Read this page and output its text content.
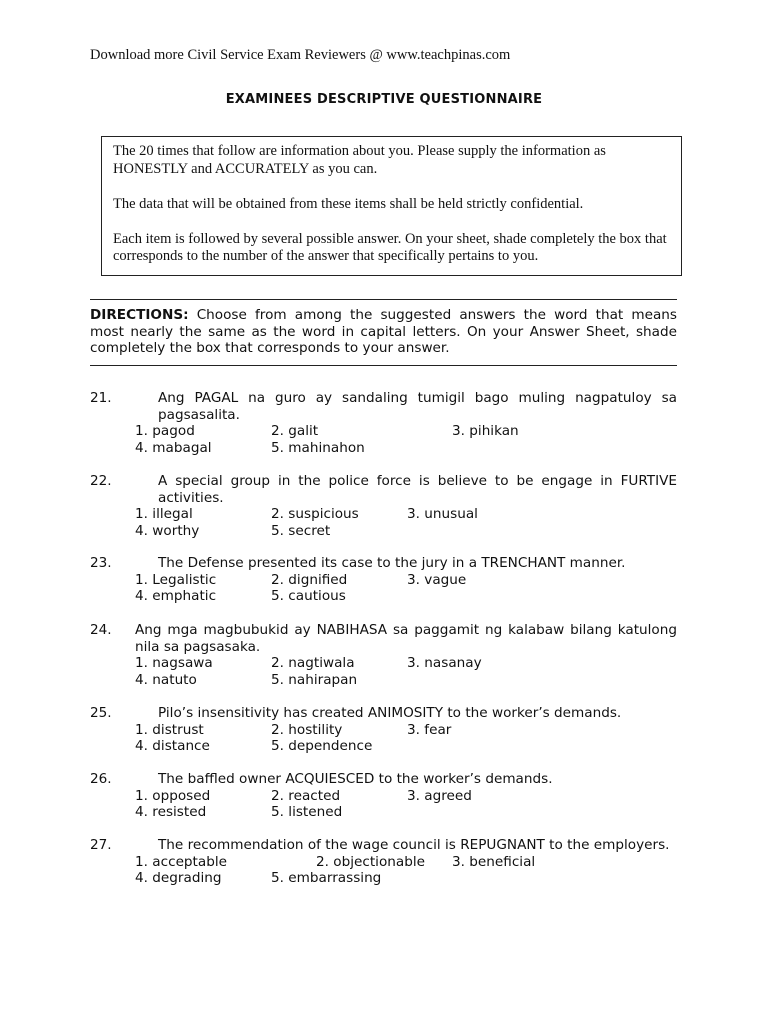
Download more Civil Service Exam Reviewers @ www.teachpinas.com
EXAMINEES DESCRIPTIVE QUESTIONNAIRE

The 20 times that follow are information about you. Please supply the information as HONESTLY and ACCURATELY as you can.

The data that will be obtained from these items shall be held strictly confidential.

Each item is followed by several possible answer. On your sheet, shade completely the box that corresponds to the number of the answer that specifically pertains to you.

DIRECTIONS: Choose from among the suggested answers the word that means most nearly the same as the word in capital letters. On your Answer Sheet, shade completely the box that corresponds to your answer.
21.	Ang PAGAL na guro ay sandaling tumigil bago muling nagpatuloy sa pagsasalita.
1. pagod	2. galit	3. pihikan
4. mabagal	5. mahinahon
22.	A special group in the police force is believe to be engage in FURTIVE activities.
1. illegal	2. suspicious	3. unusual
4. worthy	5. secret
23.	The Defense presented its case to the jury in a TRENCHANT manner.
1. Legalistic	2. dignified	3. vague
4. emphatic	5. cautious
24. Ang mga magbubukid ay NABIHASA sa paggamit ng kalabaw bilang katulong nila sa pagsasaka.
1. nagsawa	2. nagtiwala	3. nasanay
4. natuto	5. nahirapan
25.	Pilo’s insensitivity has created ANIMOSITY to the worker’s demands.
1. distrust	2. hostility	3. fear
4. distance	5. dependence
26.	The baffled owner ACQUIESCED to the worker’s demands.
1. opposed	2. reacted	3. agreed
4. resisted	5. listened
27.	The recommendation of the wage council is REPUGNANT to the employers.
1. acceptable	2. objectionable 3. beneficial
4. degrading	5. embarrassing
